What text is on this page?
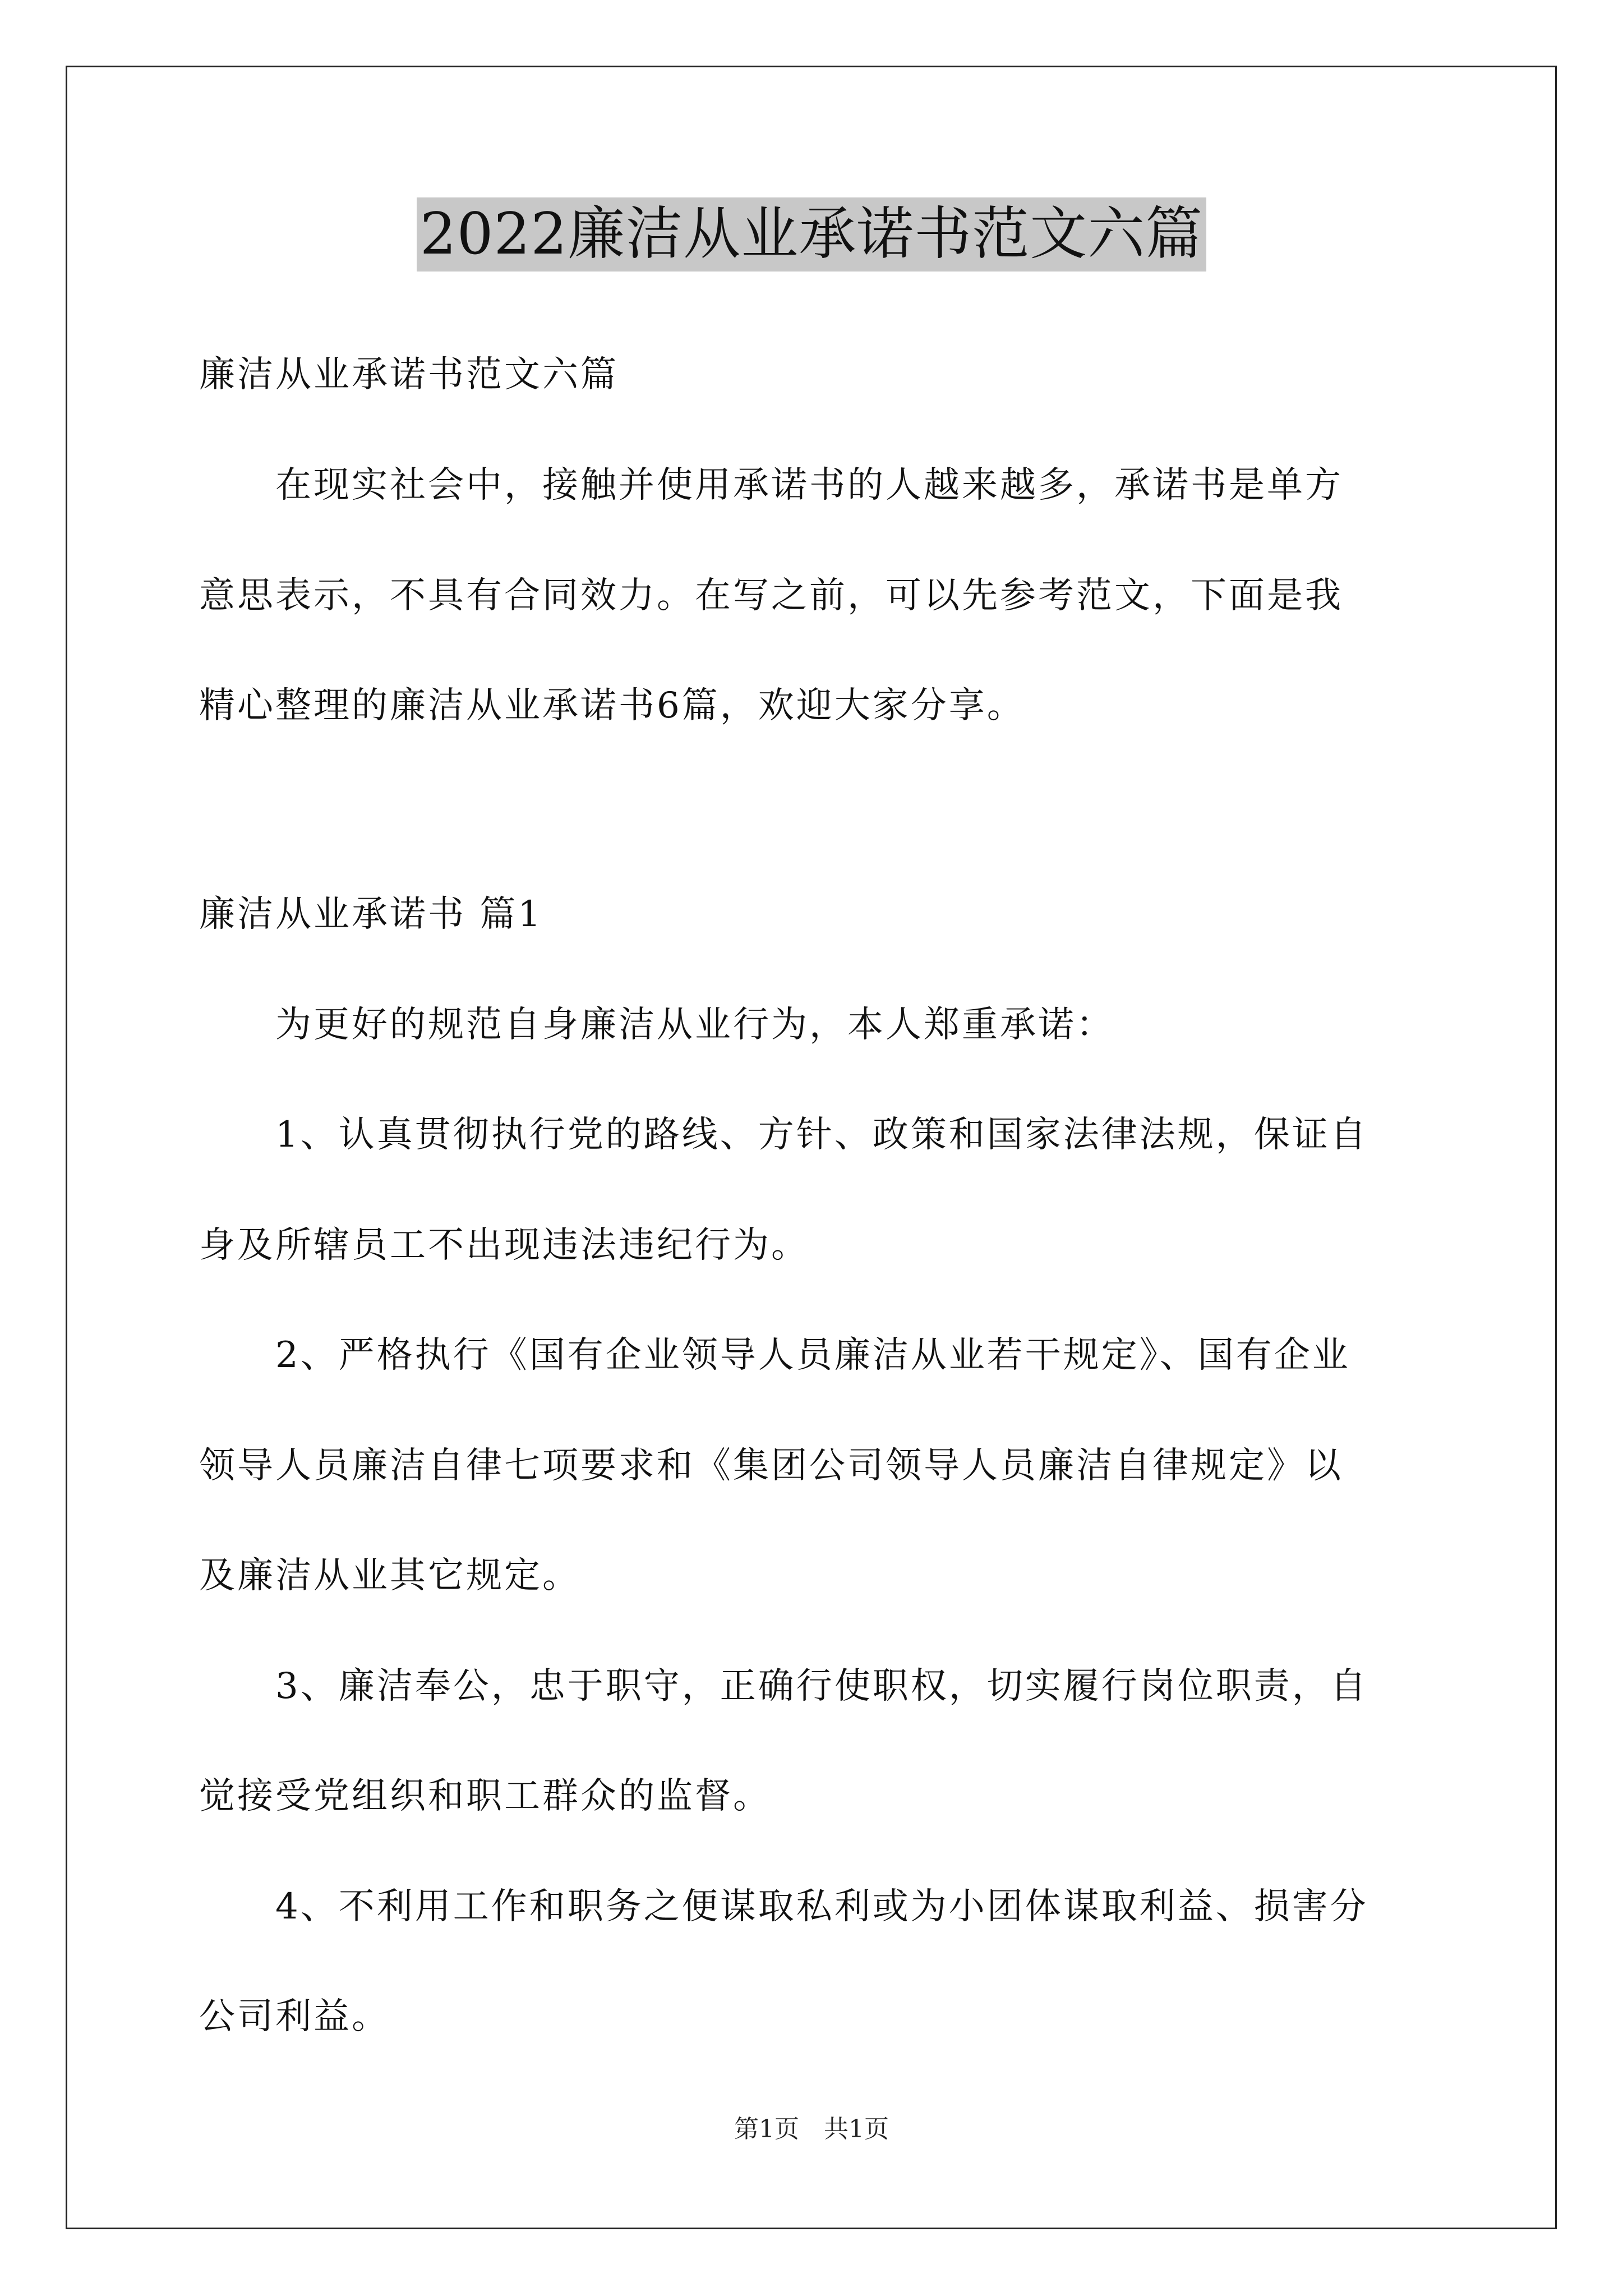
2022廉洁从业承诺书范文六篇
廉洁从业承诺书范文六篇
　　在现实社会中，接触并使用承诺书的人越来越多，承诺书是单方
意思表示，不具有合同效力。在写之前，可以先参考范文，下面是我
精心整理的廉洁从业承诺书6篇，欢迎大家分享。
廉洁从业承诺书 篇1
　　为更好的规范自身廉洁从业行为，本人郑重承诺：
　　1、认真贯彻执行党的路线、方针、政策和国家法律法规，保证自
身及所辖员工不出现违法违纪行为。
　　2、严格执行《国有企业领导人员廉洁从业若干规定》、国有企业
领导人员廉洁自律七项要求和《集团公司领导人员廉洁自律规定》以
及廉洁从业其它规定。
　　3、廉洁奉公，忠于职守，正确行使职权，切实履行岗位职责，自
觉接受党组织和职工群众的监督。
　　4、不利用工作和职务之便谋取私利或为小团体谋取利益、损害分
公司利益。
第1页　共1页
